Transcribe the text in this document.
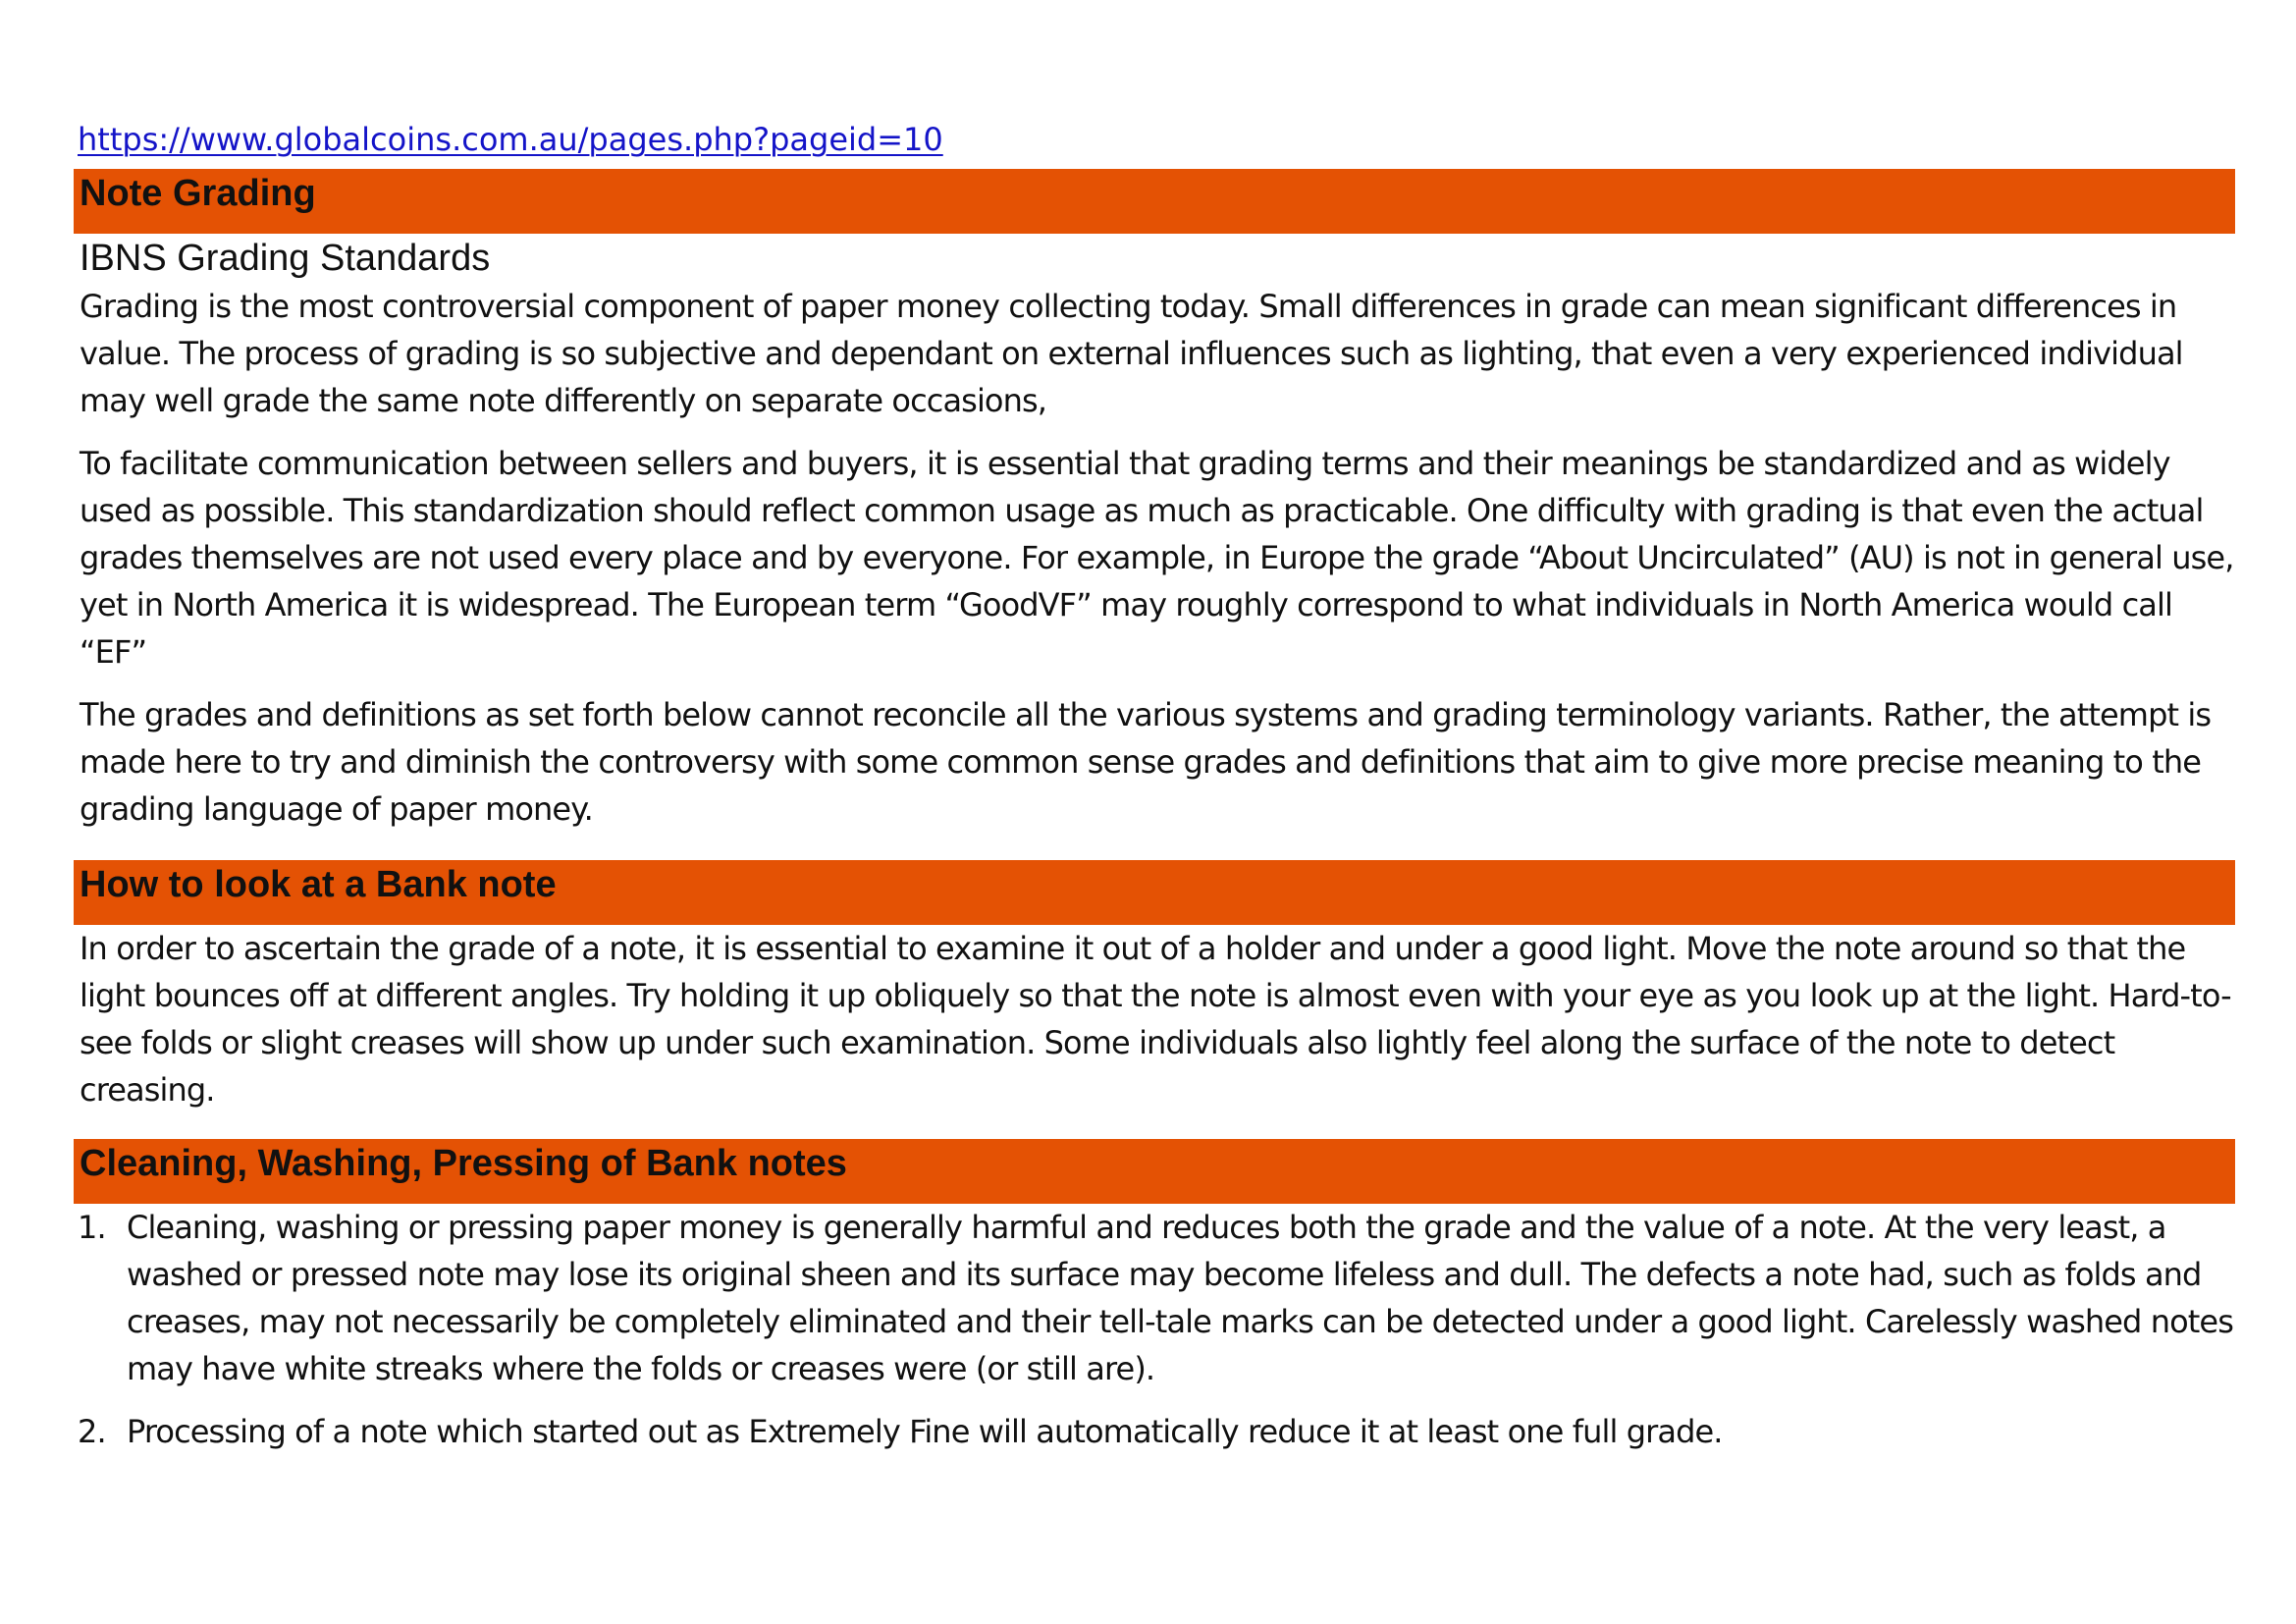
https://www.globalcoins.com.au/pages.php?pageid=10
Note Grading
IBNS Grading Standards
Grading is the most controversial component of paper money collecting today. Small differences in grade can mean significant differences in value. The process of grading is so subjective and dependant on external influences such as lighting, that even a very experienced individual may well grade the same note differently on separate occasions,
To facilitate communication between sellers and buyers, it is essential that grading terms and their meanings be standardized and as widely used as possible. This standardization should reflect common usage as much as practicable. One difficulty with grading is that even the actual grades themselves are not used every place and by everyone. For example, in Europe the grade “About Uncirculated” (AU) is not in general use, yet in North America it is widespread. The European term “GoodVF” may roughly correspond to what individuals in North America would call “EF”
The grades and definitions as set forth below cannot reconcile all the various systems and grading terminology variants. Rather, the attempt is made here to try and diminish the controversy with some common sense grades and definitions that aim to give more precise meaning to the grading language of paper money.
How to look at a Bank note
In order to ascertain the grade of a note, it is essential to examine it out of a holder and under a good light. Move the note around so that the light bounces off at different angles. Try holding it up obliquely so that the note is almost even with your eye as you look up at the light. Hard-to-see folds or slight creases will show up under such examination. Some individuals also lightly feel along the surface of the note to detect creasing.
Cleaning, Washing, Pressing of Bank notes
1. Cleaning, washing or pressing paper money is generally harmful and reduces both the grade and the value of a note. At the very least, a washed or pressed note may lose its original sheen and its surface may become lifeless and dull. The defects a note had, such as folds and creases, may not necessarily be completely eliminated and their tell-tale marks can be detected under a good light. Carelessly washed notes may have white streaks where the folds or creases were (or still are).
2. Processing of a note which started out as Extremely Fine will automatically reduce it at least one full grade.
